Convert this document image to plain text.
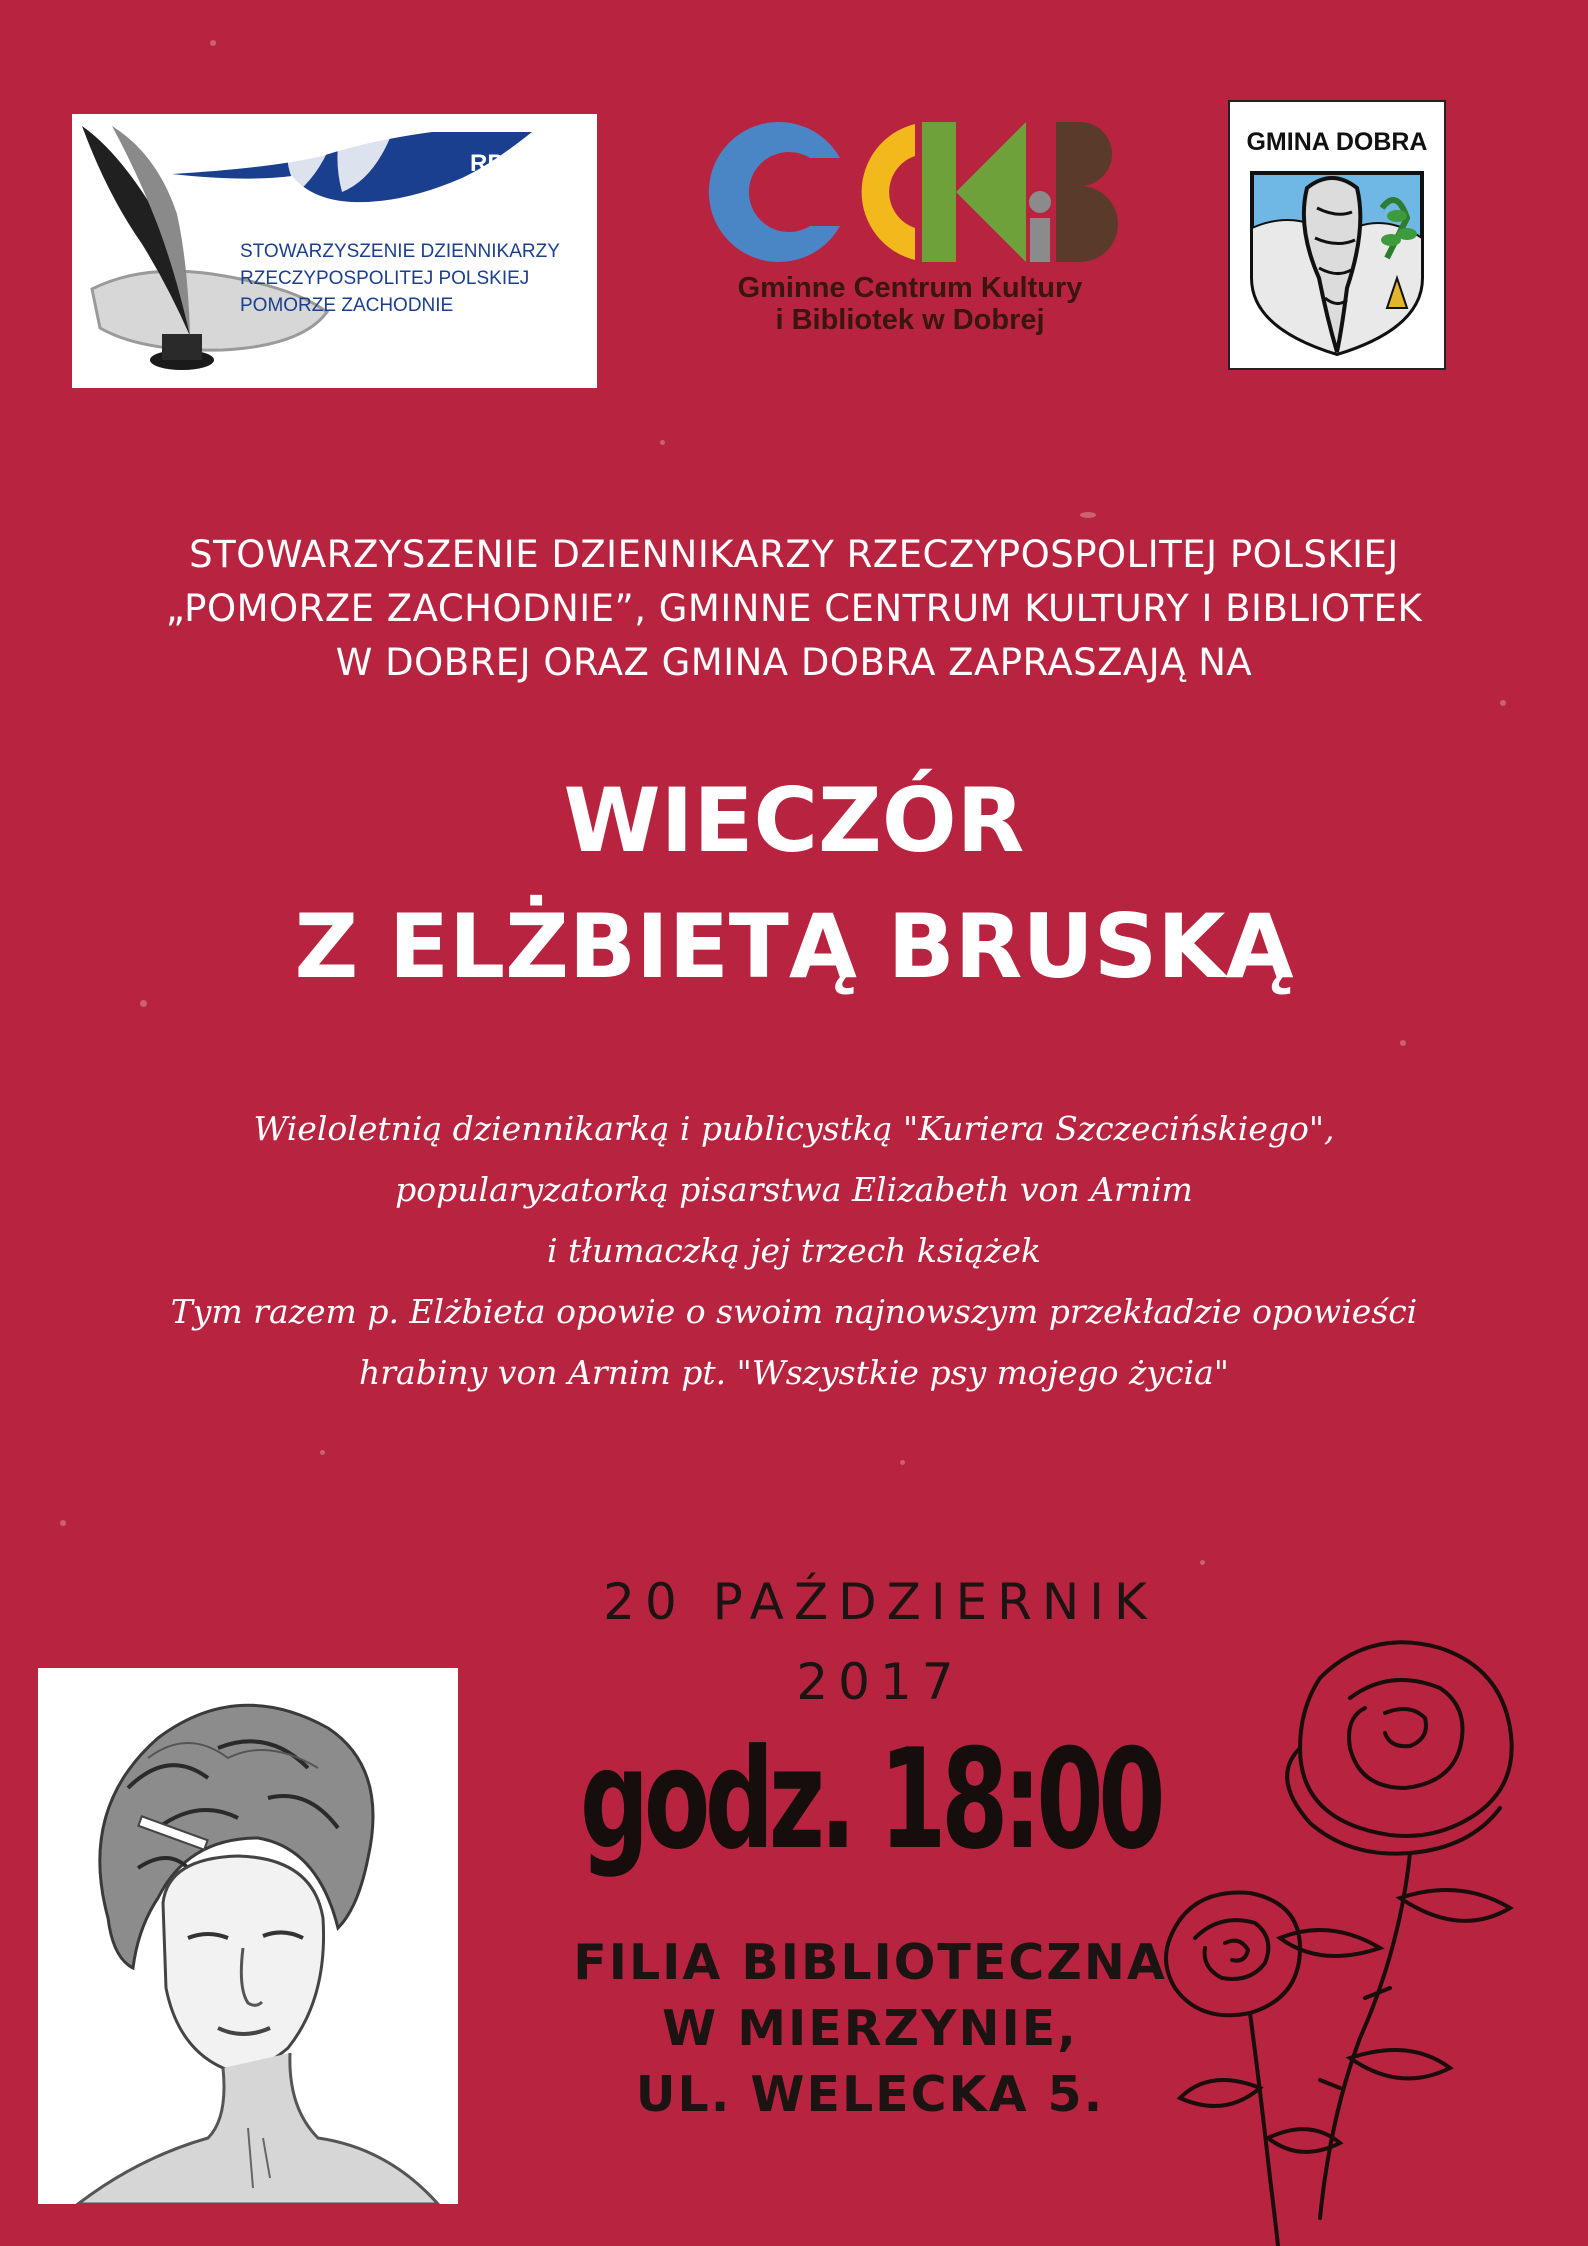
RP
STOWARZYSZENIE DZIENNIKARZY
RZECZYPOSPOLITEJ POLSKIEJ
POMORZE ZACHODNIE
Gminne Centrum Kultury
i Bibliotek w Dobrej
GMINA DOBRA
STOWARZYSZENIE DZIENNIKARZY RZECZYPOSPOLITEJ POLSKIEJ
„POMORZE ZACHODNIE”, GMINNE CENTRUM KULTURY I BIBLIOTEK
W DOBREJ ORAZ GMINA DOBRA ZAPRASZAJĄ NA
WIECZÓR
Z ELŻBIETĄ BRUSKĄ
Wieloletnią dziennikarką i publicystką "Kuriera Szczecińskiego",
popularyzatorką pisarstwa Elizabeth von Arnim
i tłumaczką jej trzech książek
Tym razem p. Elżbieta opowie o swoim najnowszym przekładzie opowieści
hrabiny von Arnim pt. "Wszystkie psy mojego życia"
20 PAŹDZIERNIK
2017
godz. 18:00
FILIA BIBLIOTECZNA
W MIERZYNIE,
UL. WELECKA 5.
